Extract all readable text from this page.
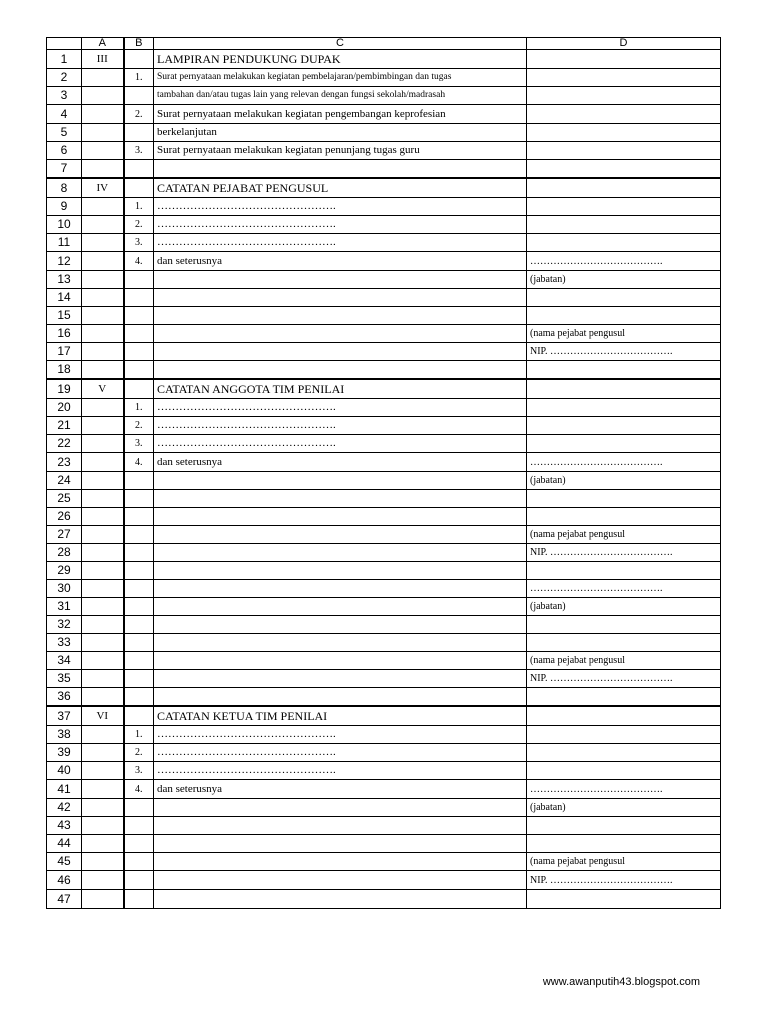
	A	B	C	D
1	III		LAMPIRAN PENDUKUNG DUPAK	
2		1.	Surat pernyataan melakukan kegiatan pembelajaran/pembimbingan dan tugas	
3			tambahan dan/atau tugas lain yang relevan dengan fungsi sekolah/madrasah	
4		2.	Surat pernyataan melakukan kegiatan pengembangan keprofesian	
5			berkelanjutan	
6		3.	Surat pernyataan melakukan kegiatan penunjang tugas guru	
7				
8	IV		CATATAN PEJABAT PENGUSUL	
9		1.	………………………………………….	
10		2.	………………………………………….	
11		3.	………………………………………….	
12		4.	dan seterusnya	………………………………….
13				(jabatan)
14				
15				
16				(nama pejabat pengusul
17				NIP. ……………………………….
18				
19	V		CATATAN ANGGOTA TIM PENILAI	
20		1.	………………………………………….	
21		2.	………………………………………….	
22		3.	………………………………………….	
23		4.	dan seterusnya	………………………………….
24				(jabatan)
25				
26				
27				(nama pejabat pengusul
28				NIP. ……………………………….
29				
30				………………………………….
31				(jabatan)
32				
33				
34				(nama pejabat pengusul
35				NIP. ……………………………….
36				
37	VI		CATATAN KETUA TIM PENILAI	
38		1.	………………………………………….	
39		2.	………………………………………….	
40		3.	………………………………………….	
41		4.	dan seterusnya	………………………………….
42				(jabatan)
43				
44				
45				(nama pejabat pengusul
46				NIP. ……………………………….
47				
www.awanputih43.blogspot.com
